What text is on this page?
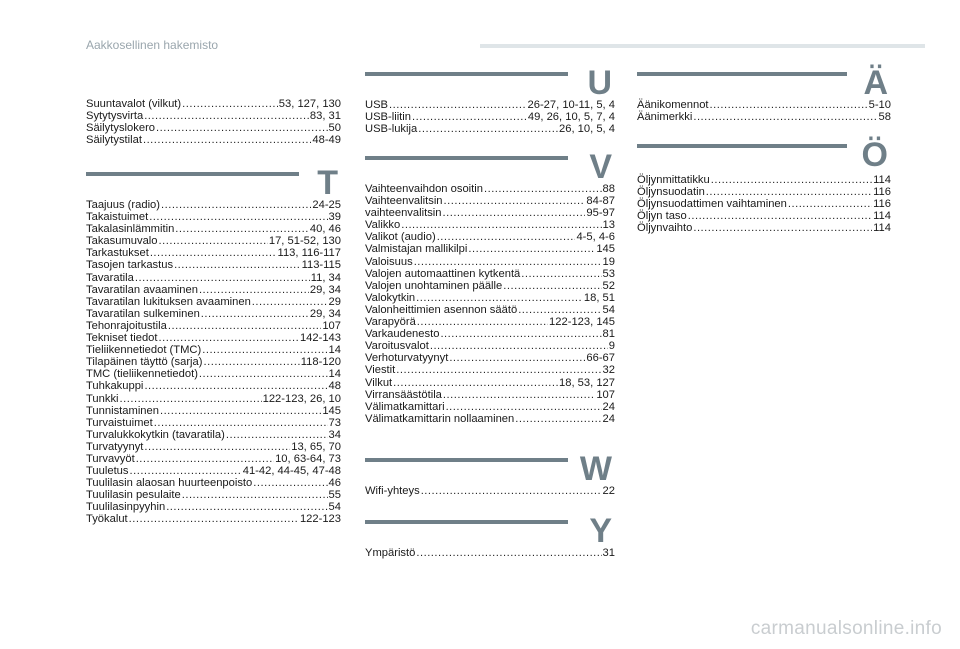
Aakkosellinen hakemisto
Suuntavalot (vilkut) .....	53, 127, 130
Sytytysvirta .....	83, 31
Säilytyslokero .....	50
Säilytystilat .....	48-49
T
Taajuus (radio) .....	24-25
Takaistuimet .....	39
Takalasinlämmitin .....	40, 46
Takasumuvalo .....	17, 51-52, 130
Tarkastukset .....	113, 116-117
Tasojen tarkastus .....	113-115
Tavaratila .....	11, 34
Tavaratilan avaaminen .....	29, 34
Tavaratilan lukituksen avaaminen .....	29
Tavaratilan sulkeminen .....	29, 34
Tehonrajoitustila .....	107
Tekniset tiedot .....	142-143
Tieliikennetiedot (TMC) .....	14
Tilapäinen täyttö (sarja) .....	118-120
TMC (tieliikennetiedot) .....	14
Tuhkakuppi .....	48
Tunkki .....	122-123, 26, 10
Tunnistaminen .....	145
Turvaistuimet .....	73
Turvalukkokytkin (tavaratila) .....	34
Turvatyynyt .....	13, 65, 70
Turvavyöt .....	10, 63-64, 73
Tuuletus .....	41-42, 44-45, 47-48
Tuulilasin alaosan huurteenpoisto .....	46
Tuulilasin pesulaite .....	55
Tuulilasinpyyhin .....	54
Työkalut .....	122-123
U
USB .....	26-27, 10-11, 5, 4
USB-liitin .....	49, 26, 10, 5, 7, 4
USB-lukija .....	26, 10, 5, 4
V
Vaihteenvaihdon osoitin .....	88
Vaihteenvalitsin .....	84-87
vaihteenvalitsin .....	95-97
Valikko .....	13
Valikot (audio) .....	4-5, 4-6
Valmistajan mallikilpi .....	145
Valoisuus .....	19
Valojen automaattinen kytkentä .....	53
Valojen unohtaminen päälle .....	52
Valokytkin .....	18, 51
Valonheittimien asennon säätö .....	54
Varapyörä .....	122-123, 145
Varkaudenesto .....	81
Varoitusvalot .....	9
Verhoturvatyynyt .....	66-67
Viestit .....	32
Vilkut .....	18, 53, 127
Virransäästötila .....	107
Välimatkamittari .....	24
Välimatkamittarin nollaaminen .....	24
W
Wifi-yhteys .....	22
Y
Ympäristö .....	31
Ä
Äänikomennot .....	5-10
Äänimerkki .....	58
Ö
Öljynmittatikku .....	114
Öljynsuodatin .....	116
Öljynsuodattimen vaihtaminen .....	116
Öljyn taso .....	114
Öljynvaihto .....	114
carmanualsonline.info
